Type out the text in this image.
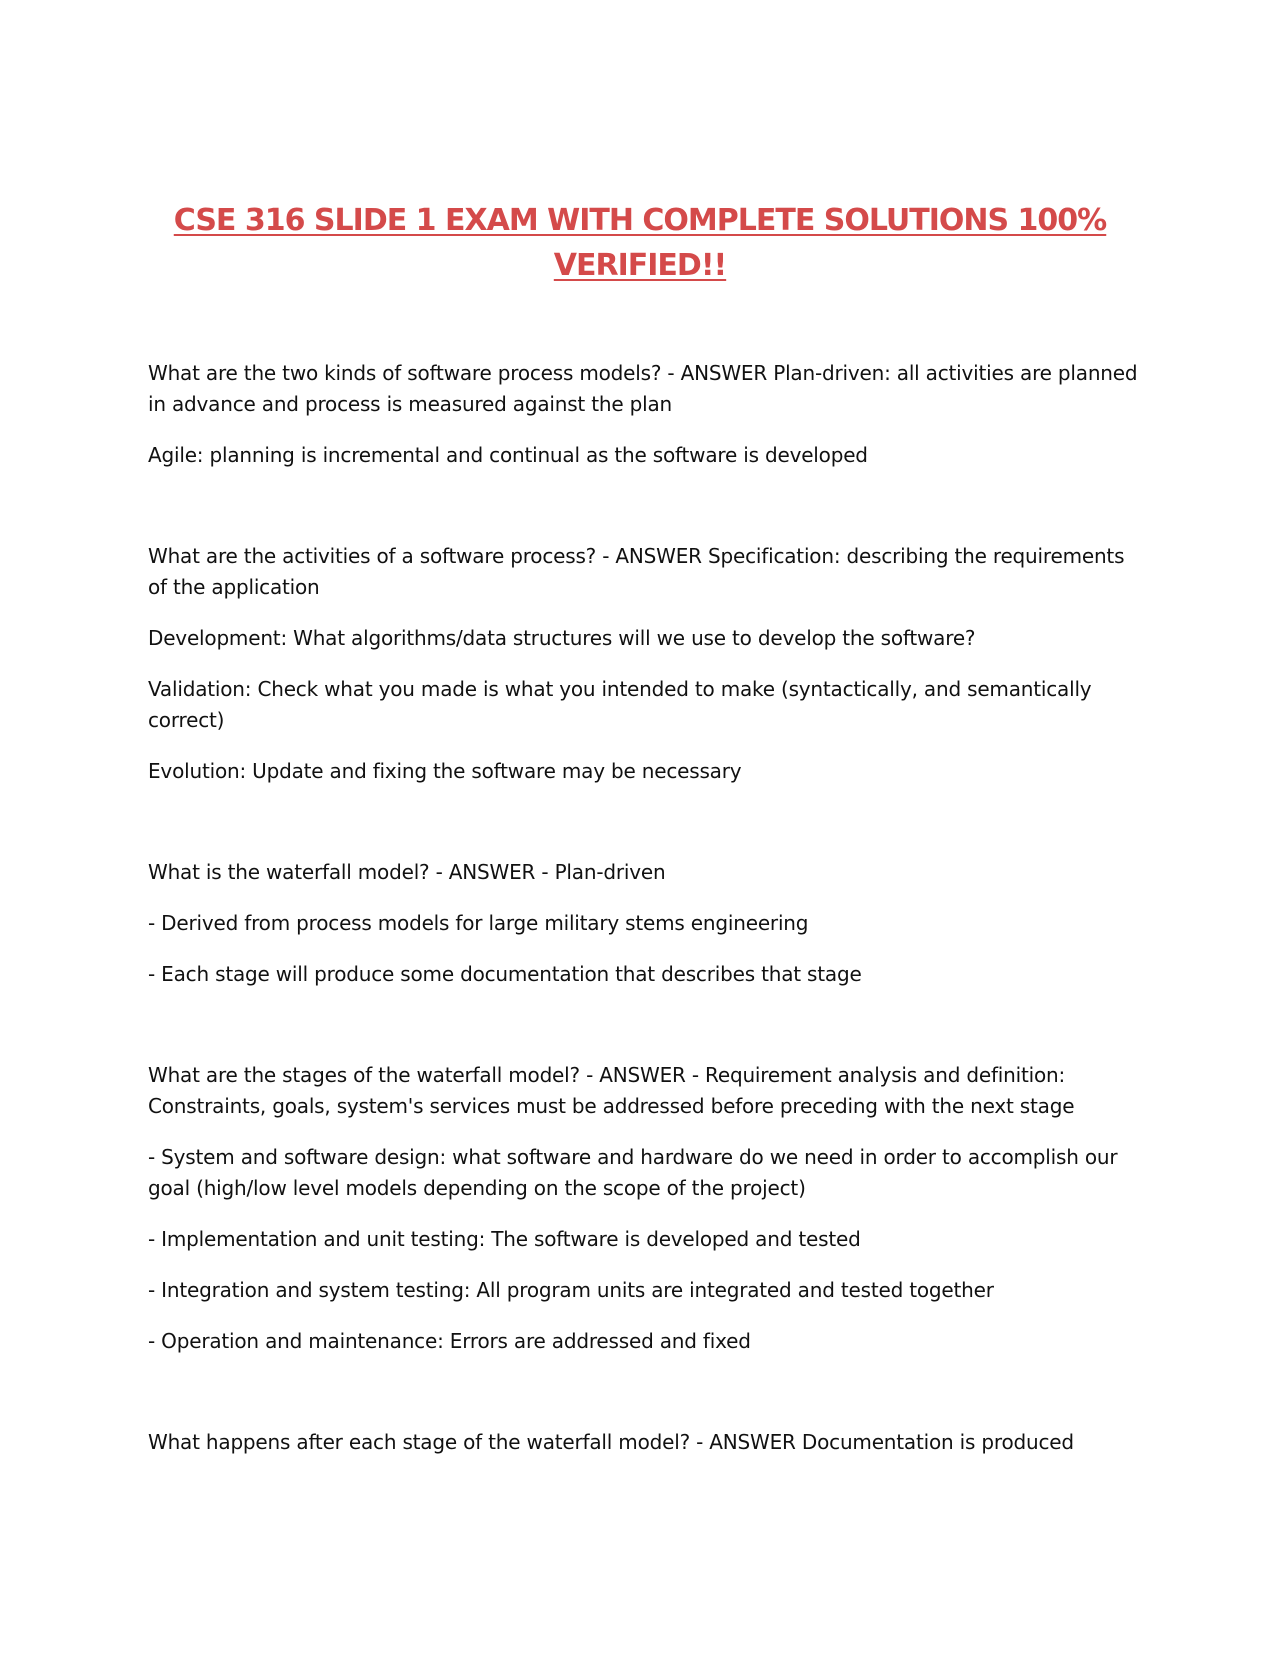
CSE 316 SLIDE 1 EXAM WITH COMPLETE SOLUTIONS 100% VERIFIED!!

What are the two kinds of software process models? - ANSWER Plan-driven: all activities are planned in advance and process is measured against the plan

Agile: planning is incremental and continual as the software is developed

What are the activities of a software process? - ANSWER Specification: describing the requirements of the application

Development: What algorithms/data structures will we use to develop the software?

Validation: Check what you made is what you intended to make (syntactically, and semantically correct)

Evolution: Update and fixing the software may be necessary

What is the waterfall model? - ANSWER - Plan-driven

- Derived from process models for large military stems engineering

- Each stage will produce some documentation that describes that stage

What are the stages of the waterfall model? - ANSWER - Requirement analysis and definition: Constraints, goals, system's services must be addressed before preceding with the next stage

- System and software design: what software and hardware do we need in order to accomplish our goal (high/low level models depending on the scope of the project)

- Implementation and unit testing: The software is developed and tested

- Integration and system testing: All program units are integrated and tested together

- Operation and maintenance: Errors are addressed and fixed

What happens after each stage of the waterfall model? - ANSWER Documentation is produced
